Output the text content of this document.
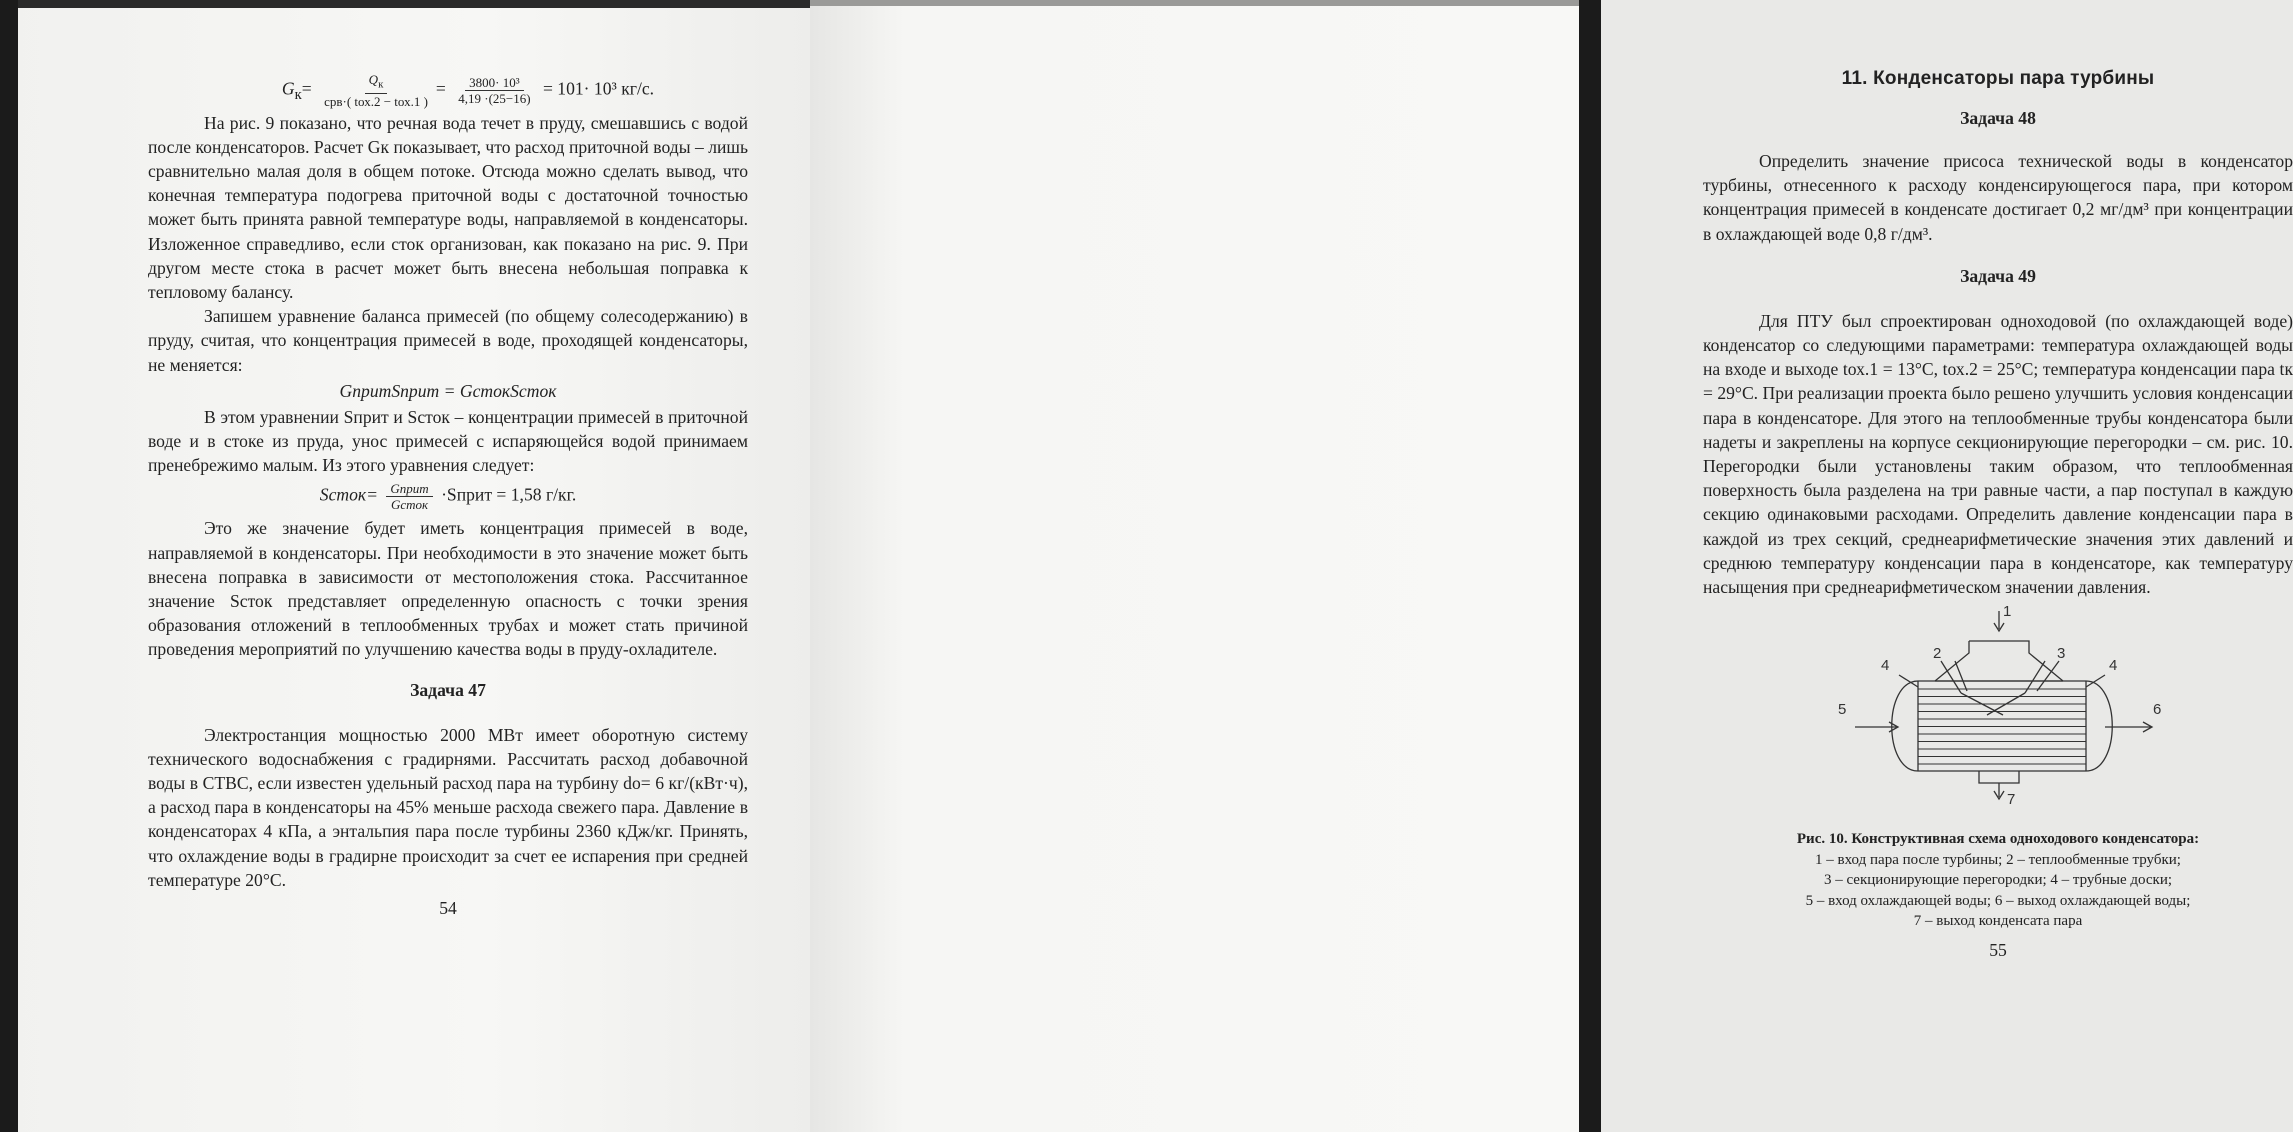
$G_к= \frac{Q_к}{\text{cрв·( tох.2 − tох.1 )}} = \frac{\text{3800· 10³}}{4,19 \cdot(25-16)} = 101\cdot 10^3$ кг/с.

На рис. 9 показано, что речная вода течет в пруду, смешавшись с водой после конденсаторов. Расчет Gк показывает, что расход приточной воды – лишь сравнительно малая доля в общем потоке. Отсюда можно сделать вывод, что конечная температура подогрева приточной воды с достаточной точностью может быть принята равной температуре воды, направляемой в конденсаторы. Изложенное справедливо, если сток организован, как показано на рис. 9. При другом месте стока в расчет может быть внесена небольшая поправка к тепловому балансу.

Запишем уравнение баланса примесей (по общему солесодержанию) в пруду, считая, что концентрация примесей в воде, проходящей конденсаторы, не меняется:

GпритSприт = GстокSсток

В этом уравнении Sприт и Sсток – концентрации примесей в приточной воде и в стоке из пруда, унос примесей с испаряющейся водой принимаем пренебрежимо малым. Из этого уравнения следует:

Sсток= $\frac{\text{Gприт}}{\text{Gсток}}$ ·Sприт = 1,58 г/кг.

Это же значение будет иметь концентрация примесей в воде, направляемой в конденсаторы. При необходимости в это значение может быть внесена поправка в зависимости от местоположения стока. Рассчитанное значение Sсток представляет определенную опасность с точки зрения образования отложений в теплообменных трубах и может стать причиной проведения мероприятий по улучшению качества воды в пруду-охладителе.

Задача 47

Электростанция мощностью 2000 МВт имеет оборотную систему технического водоснабжения с градирнями. Рассчитать расход добавочной воды в СТВС, если известен удельный расход пара на турбину dо= 6 кг/(кВт·ч), а расход пара в конденсаторы на 45% меньше расхода свежего пара. Давление в конденсаторах 4 кПа, а энтальпия пара после турбины 2360 кДж/кг. Принять, что охлаждение воды в градирне происходит за счет ее испарения при средней температуре 20°С.

54
11. Конденсаторы пара турбины
Задача 48

Определить значение присоса технической воды в конденсатор турбины, отнесенного к расходу конденсирующегося пара, при котором концентрация примесей в конденсате достигает 0,2 мг/дм³ при концентрации в охлаждающей воде 0,8 г/дм³.

Задача 49

Для ПТУ был спроектирован одноходовой (по охлаждающей воде) конденсатор со следующими параметрами: температура охлаждающей воды на входе и выходе tох.1 = 13°С, tох.2 = 25°С; температура конденсации пара tк = 29°С. При реализации проекта было решено улучшить условия конденсации пара в конденсаторе. Для этого на теплообменные трубы конденсатора были надеты и закреплены на корпусе секционирующие перегородки – см. рис. 10. Перегородки были установлены таким образом, что теплообменная поверхность была разделена на три равные части, а пар поступал в каждую секцию одинаковыми расходами. Определить давление конденсации пара в каждой из трех секций, среднеарифметические значения этих давлений и среднюю температуру конденсации пара в конденсаторе, как температуру насыщения при среднеарифметическом значении давления.

1
2	3
4	4
5	6
7
Рис. 10. Конструктивная схема одноходового конденсатора:
1 – вход пара после турбины; 2 – теплообменные трубки;
3 – секционирующие перегородки; 4 – трубные доски;
5 – вход охлаждающей воды; 6 – выход охлаждающей воды;
7 – выход конденсата пара
55
